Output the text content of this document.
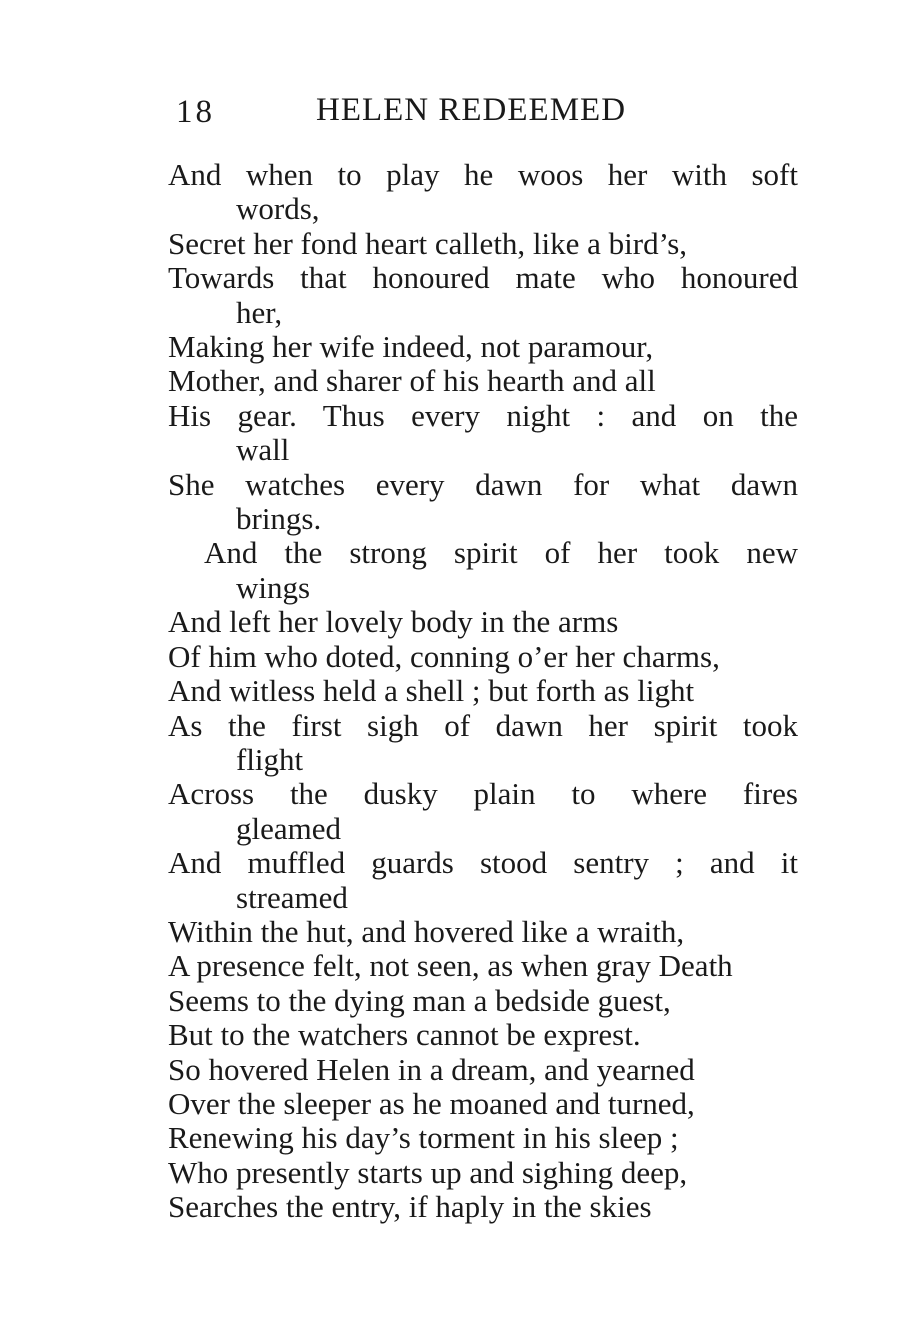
18	HELEN REDEEMED
And when to play he woos her with soft
words,
Secret her fond heart calleth, like a bird’s,
Towards that honoured mate who honoured
her,
Making her wife indeed, not paramour,
Mother, and sharer of his hearth and all
His gear. Thus every night : and on the
wall
She watches every dawn for what dawn
brings.
And the strong spirit of her took new
wings
And left her lovely body in the arms
Of him who doted, conning o’er her charms,
And witless held a shell ; but forth as light
As the first sigh of dawn her spirit took
flight
Across the dusky plain to where fires
gleamed
And muffled guards stood sentry ; and it
streamed
Within the hut, and hovered like a wraith,
A presence felt, not seen, as when gray Death
Seems to the dying man a bedside guest,
But to the watchers cannot be exprest.
So hovered Helen in a dream, and yearned
Over the sleeper as he moaned and turned,
Renewing his day’s torment in his sleep ;
Who presently starts up and sighing deep,
Searches the entry, if haply in the skies
